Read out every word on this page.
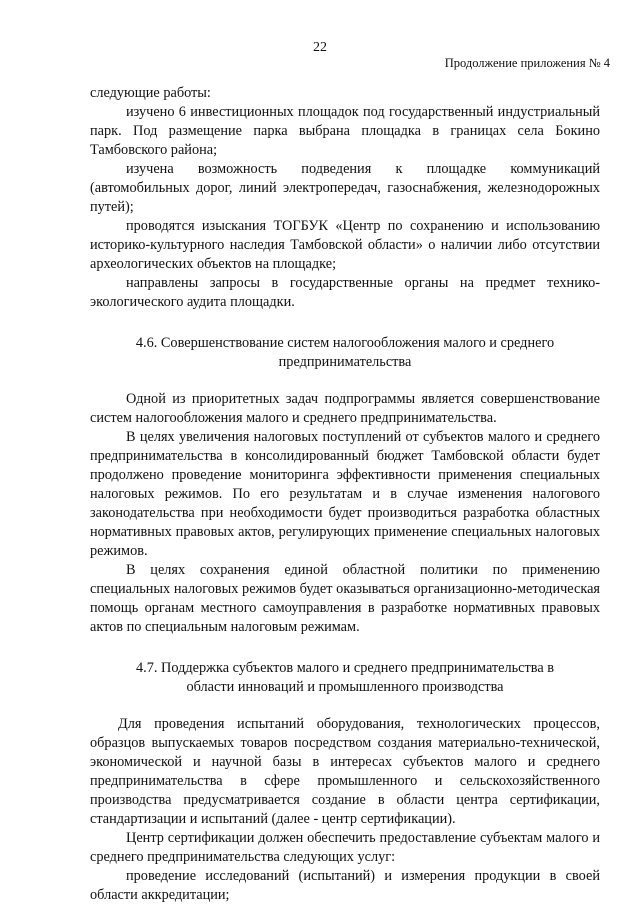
22
Продолжение приложения № 4

следующие работы:

изучено 6 инвестиционных площадок под государственный индустриальный парк. Под размещение парка выбрана площадка в границах села Бокино Тамбовского района;

изучена возможность подведения к площадке коммуникаций (автомобильных дорог, линий электропередач, газоснабжения, железнодорожных путей);

проводятся изыскания ТОГБУК «Центр по сохранению и использованию историко-культурного наследия Тамбовской области» о наличии либо отсутствии археологических объектов на площадке;

направлены запросы в государственные органы на предмет технико-экологического аудита площадки.

4.6. Совершенствование систем налогообложения малого и среднего

предпринимательства

Одной из приоритетных задач подпрограммы является совершенствование систем налогообложения малого и среднего предпринимательства.

В целях увеличения налоговых поступлений от субъектов малого и среднего предпринимательства в консолидированный бюджет Тамбовской области будет продолжено проведение мониторинга эффективности применения специальных налоговых режимов. По его результатам и в случае изменения налогового законодательства при необходимости будет производиться разработка областных нормативных правовых актов, регулирующих применение специальных налоговых режимов.

В целях сохранения единой областной политики по применению специальных налоговых режимов будет оказываться организационно-методическая помощь органам местного самоуправления в разработке нормативных правовых актов по специальным налоговым режимам.

4.7. Поддержка субъектов малого и среднего предпринимательства в

области инноваций и промышленного производства

Для проведения испытаний оборудования, технологических процессов, образцов выпускаемых товаров посредством создания материально-технической, экономической и научной базы в интересах субъектов малого и среднего предпринимательства в сфере промышленного и сельскохозяйственного производства предусматривается создание в области центра сертификации, стандартизации и испытаний (далее - центр сертификации).

Центр сертификации должен обеспечить предоставление субъектам малого и среднего предпринимательства следующих услуг:

проведение исследований (испытаний) и измерения продукции в своей области аккредитации;
